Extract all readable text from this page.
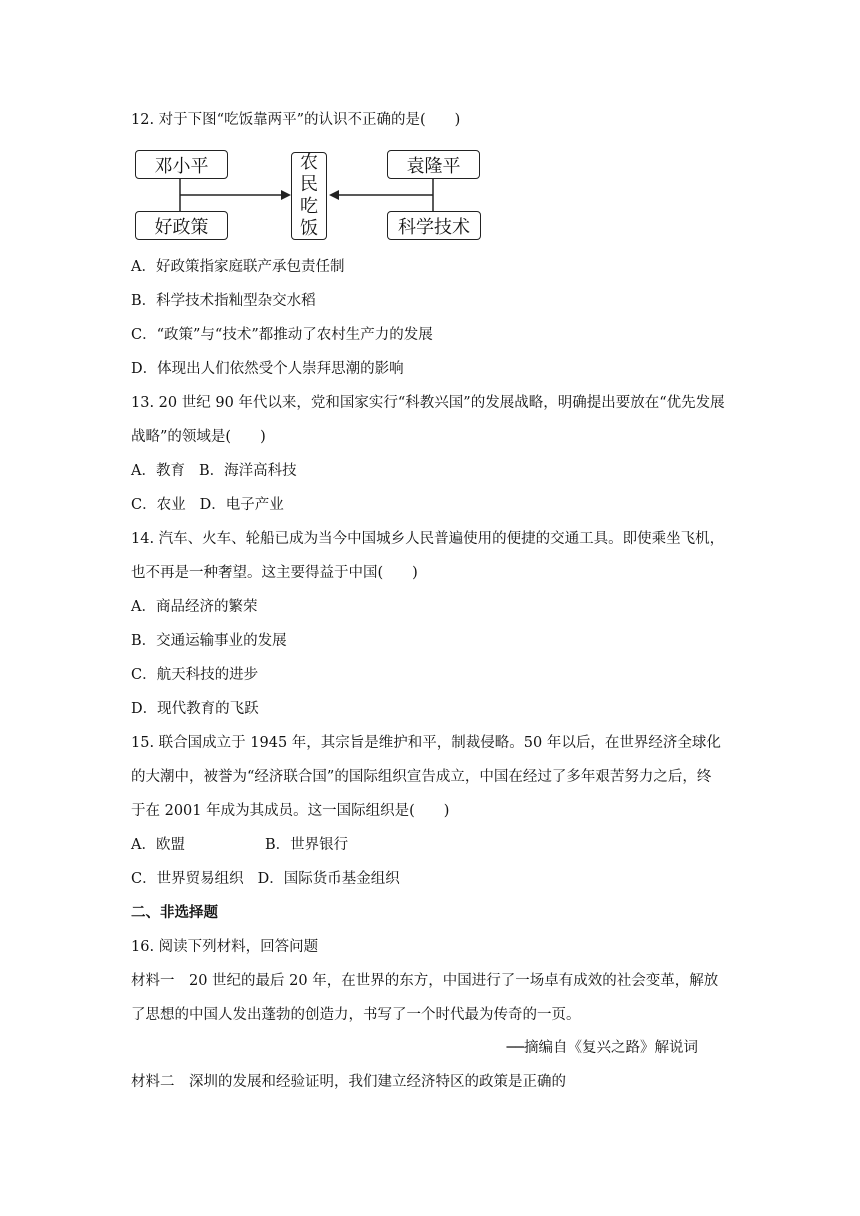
12. 对于下图“吃饭靠两平”的认识不正确的是(　　)
邓小平
好政策
农
民
吃
饭
袁隆平
科学技术
A．好政策指家庭联产承包责任制
B．科学技术指籼型杂交水稻
C．“政策”与“技术”都推动了农村生产力的发展
D．体现出人们依然受个人崇拜思潮的影响
13. 20 世纪 90 年代以来，党和国家实行“科教兴国”的发展战略，明确提出要放在“优先发展
战略”的领域是(　　)
A．教育 B．海洋高科技
C．农业 D．电子产业
14. 汽车、火车、轮船已成为当今中国城乡人民普遍使用的便捷的交通工具。即使乘坐飞机，
也不再是一种奢望。这主要得益于中国(　　)
A．商品经济的繁荣
B．交通运输事业的发展
C．航天科技的进步
D．现代教育的飞跃
15. 联合国成立于 1945 年，其宗旨是维护和平，制裁侵略。50 年以后，在世界经济全球化
的大潮中，被誉为“经济联合国”的国际组织宣告成立，中国在经过了多年艰苦努力之后，终
于在 2001 年成为其成员。这一国际组织是(　　)
A．欧盟	B．世界银行
C．世界贸易组织 D．国际货币基金组织
二、非选择题
16. 阅读下列材料，回答问题
材料一　20 世纪的最后 20 年，在世界的东方，中国进行了一场卓有成效的社会变革，解放
了思想的中国人发出蓬勃的创造力，书写了一个时代最为传奇的一页。
──摘编自《复兴之路》解说词
材料二　深圳的发展和经验证明，我们建立经济特区的政策是正确的
